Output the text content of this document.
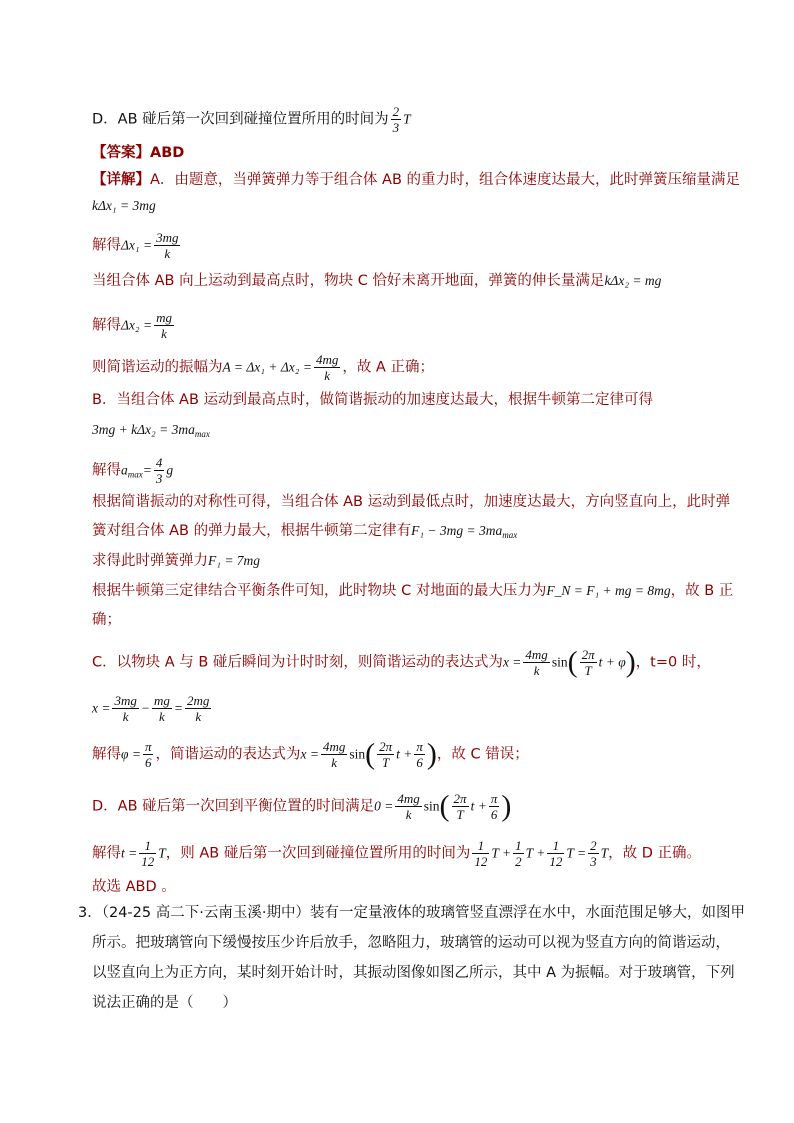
D．AB 碰后第一次回到碰撞位置所用的时间为 $\frac{2}{3}$ T
【答案】ABD
【详解】A．由题意，当弹簧弹力等于组合体 AB 的重力时，组合体速度达最大，此时弹簧压缩量满足
kΔx₁ = 3mg
解得$\Delta x_1 = \frac{3mg}{k}$
当组合体 AB 向上运动到最高点时，物块 C 恰好未离开地面，弹簧的伸长量满足kΔx₂ = mg
解得$\Delta x_2 = \frac{mg}{k}$
则简谐运动的振幅为$A = \Delta x_1 + \Delta x_2 = \frac{4mg}{k}$ ，故 A 正确；
B．当组合体 AB 运动到最高点时，做简谐振动的加速度达最大，根据牛顿第二定律可得
$3mg + k\Delta x_2 = 3ma_{max}$
解得$a_{max}= \frac{4}{3}$ g
根据简谐振动的对称性可得，当组合体 AB 运动到最低点时，加速度达最大，方向竖直向上，此时弹
簧对组合体 AB 的弹力最大，根据牛顿第二定律有$F_1 - 3mg = 3ma_{max}$
求得此时弹簧弹力F₁ = 7mg
根据牛顿第三定律结合平衡条件可知，此时物块 C 对地面的最大压力为F_N = F₁ + mg = 8mg，故 B 正
确；
C．以物块 A 与 B 碰后瞬间为计时时刻，则简谐运动的表达式为$x = \frac{4mg}{k} \sin( \frac{2\pi}{T}$ t + φ)，t=0 时，
$x = \frac{3mg}{k} - \frac{mg}{k} = \frac{2mg}{k}$
解得$\varphi = \frac{\pi}{6}$ ，简谐运动的表达式为$x = \frac{4mg}{k} \sin( \frac{2\pi}{T}$ $t + \frac{\pi}{6}$ )，故 C 错误；
D．AB 碰后第一次回到平衡位置的时间满足$0 = \frac{4mg}{k} \sin( \frac{2\pi}{T}$ $t + \frac{\pi}{6}$ )
解得$t = \frac{1}{12}$ T，则 AB 碰后第一次回到碰撞位置所用的时间为 $\frac{1}{12}$ $T + \frac{1}{2}$ $T + \frac{1}{12}$ $T = \frac{2}{3}$ T，故 D 正确。
故选 ABD 。
3．（24-25 高二下·云南玉溪·期中）装有一定量液体的玻璃管竖直漂浮在水中，水面范围足够大，如图甲
所示。把玻璃管向下缓慢按压少许后放手，忽略阻力，玻璃管的运动可以视为竖直方向的简谐运动，
以竖直向上为正方向，某时刻开始计时，其振动图像如图乙所示，其中 A 为振幅。对于玻璃管，下列
说法正确的是（　　）
